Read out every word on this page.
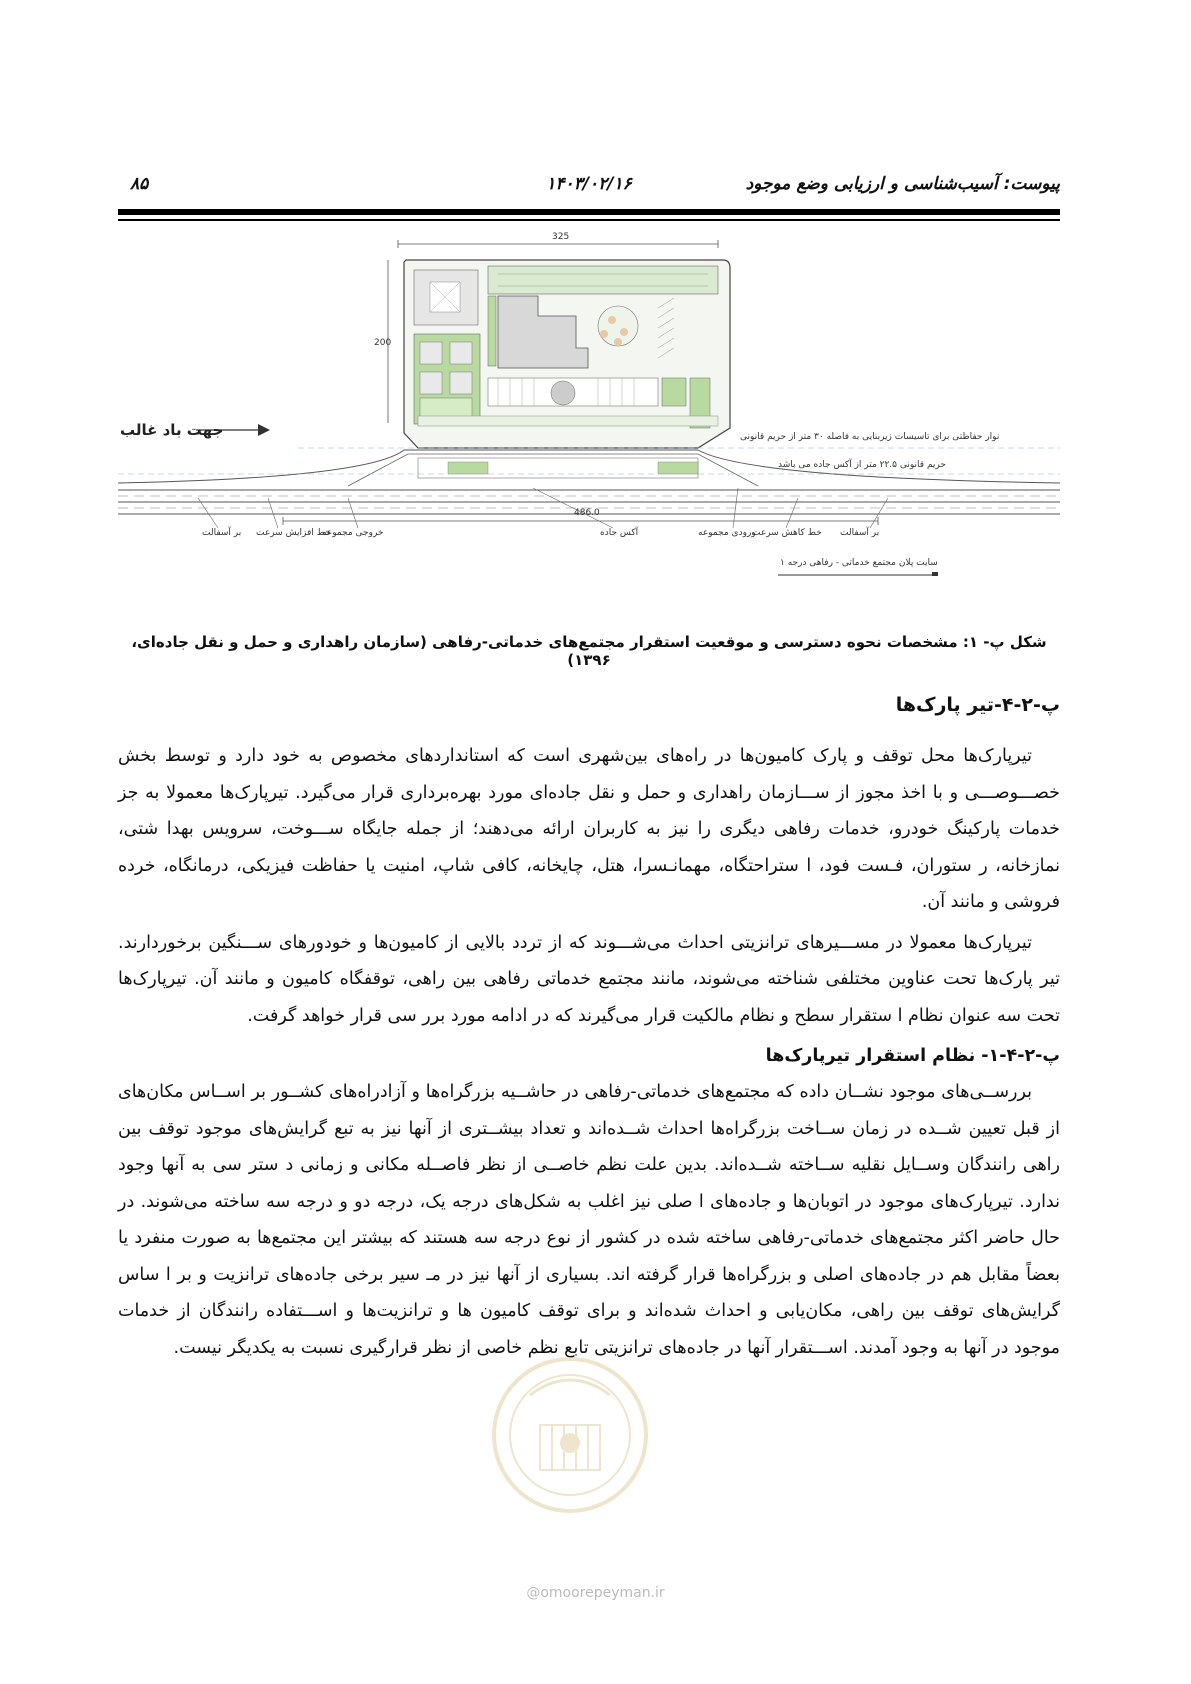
پیوست: آسیب‌شناسی و ارزیابی وضع موجود
۱۴۰۳/۰۲/۱۶
۸۵
325
200
486.0
جهت باد غالب	نوار حفاظتی برای تاسیسات زیربنایی به فاصله ۳۰ متر از حریم قانونی
حریم قانونی ۲۲.۵ متر از آکس جاده می باشد
بر آسفالت خط افزایش سرعت
خروجی مجموعه	آکس جاده	ورودی مجموعه
خط کاهش سرعت بر آسفالت
سایت پلان مجتمع خدماتی - رفاهی درجه ۱
شکل پ- ۱: مشخصات نحوه دسترسی و موقعیت استقرار مجتمع‌های خدماتی-رفاهی (سازمان راهداری و حمل و نقل جاده‌ای، ۱۳۹۶)
پ-۲-۴-تیر پارک‌ها

تیرپارک‌ها محل توقف و پارک کامیون‌ها در راه‌های بین‌شهری است که استانداردهای مخصوص به خود دارد و توسط بخش خصـــوصـــی و با اخذ مجوز از ســـازمان راهداری و حمل و نقل جاده‌ای مورد بهره‌برداری قرار می‌گیرد. تیرپارک‌ها معمولا به جز خدمات پارکینگ خودرو، خدمات رفاهی دیگری را نیز به کاربران ارائه می‌دهند؛ از جمله جایگاه ســـوخت، سرویس بهدا شتی، نمازخانه، ر ستوران، فـست فود، ا ستراحتگاه، مهمانـسرا، هتل، چایخانه، کافی شاپ، امنیت یا حفاظت فیزیکی، درمانگاه، خرده فروشی و مانند آن.

تیرپارک‌ها معمولا در مســـیرهای ترانزیتی احداث می‌شـــوند که از تردد بالایی از کامیون‌ها و خودورهای ســـنگین برخوردارند. تیر پارک‌ها تحت عناوین مختلفی شناخته می‌شوند، مانند مجتمع خدماتی رفاهی بین راهی، توقفگاه کامیون و مانند آن. تیرپارک‌ها تحت سه عنوان نظام ا ستقرار سطح و نظام مالکیت قرار می‌گیرند که در ادامه مورد برر سی قرار خواهد گرفت.

پ-۲-۴-۱- نظام استقرار تیرپارک‌ها

بررســی‌های موجود نشــان داده که مجتمع‌های خدماتی-رفاهی در حاشــیه بزرگراه‌ها و آزادراه‌های کشــور بر اســاس مکان‌های از قبل تعیین شــده در زمان ســاخت بزرگراه‌ها احداث شــده‌اند و تعداد بیشــتری از آنها نیز به تبع گرایش‌های موجود توقف بین راهی رانندگان وســایل نقلیه ســاخته شــده‌اند. بدین علت نظم خاصــی از نظر فاصــله مکانی و زمانی د ستر سی به آنها وجود ندارد. تیرپارک‌های موجود در اتوبان‌ها و جاده‌های ا صلی نیز اغلب به شکل‌های درجه یک، درجه دو و درجه سه ساخته می‌شوند. در حال حاضر اکثر مجتمع‌های خدماتی-رفاهی ساخته شده در کشور از نوع درجه سه هستند که بیشتر این مجتمع‌ها به صورت منفرد یا بعضاً مقابل هم در جاده‌های اصلی و بزرگراه‌ها قرار گرفته اند. بسیاری از آنها نیز در مـ سیر برخی جاده‌های ترانزیت و بر ا ساس گرایش‌های توقف بین راهی، مکان‌یابی و احداث شده‌اند و برای توقف کامیون ها و ترانزیت‌ها و اســـتفاده رانندگان از خدمات موجود در آنها به وجود آمدند. اســـتقرار آنها در جاده‌های ترانزیتی تابع نظم خاصی از نظر قرارگیری نسبت به یکدیگر نیست.

@omoorepeyman.ir
